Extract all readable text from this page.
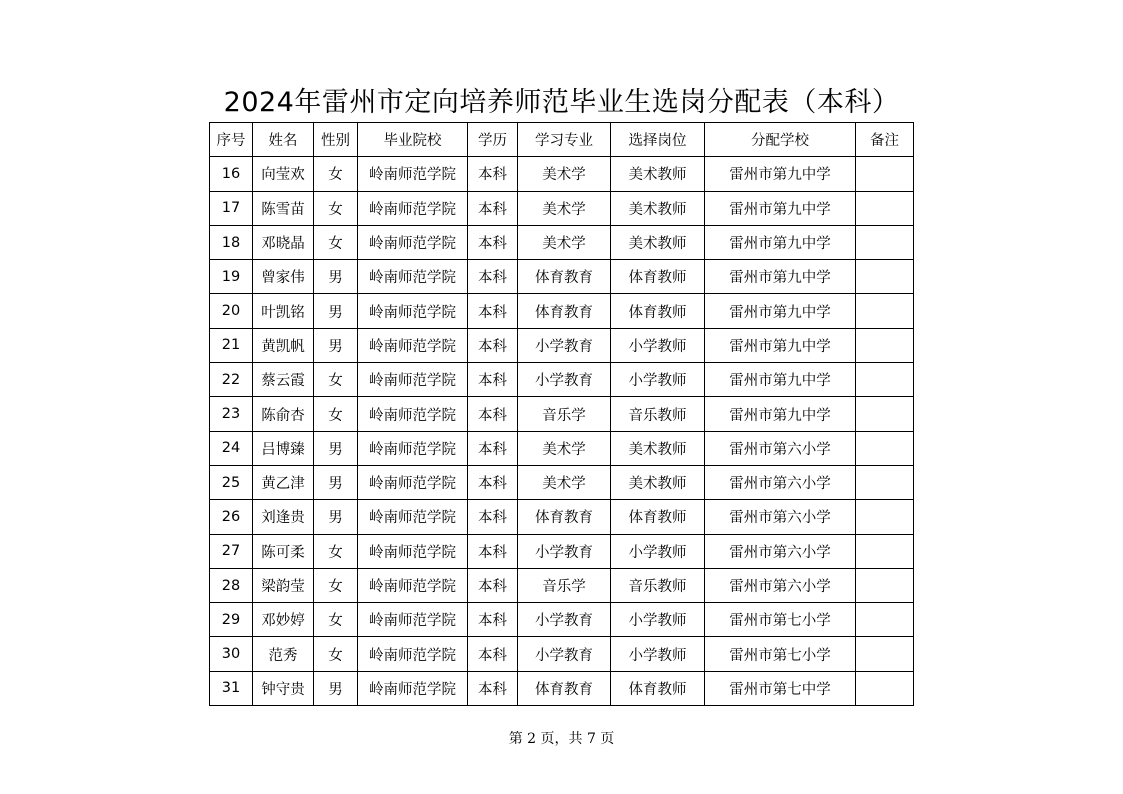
2024年雷州市定向培养师范毕业生选岗分配表（本科）
序号	姓名	性别	毕业院校	学历	学习专业	选择岗位	分配学校	备注
16	向莹欢	女	岭南师范学院	本科	美术学	美术教师	雷州市第九中学	
17	陈雪苗	女	岭南师范学院	本科	美术学	美术教师	雷州市第九中学	
18	邓晓晶	女	岭南师范学院	本科	美术学	美术教师	雷州市第九中学	
19	曾家伟	男	岭南师范学院	本科	体育教育	体育教师	雷州市第九中学	
20	叶凯铭	男	岭南师范学院	本科	体育教育	体育教师	雷州市第九中学	
21	黄凯帆	男	岭南师范学院	本科	小学教育	小学教师	雷州市第九中学	
22	蔡云霞	女	岭南师范学院	本科	小学教育	小学教师	雷州市第九中学	
23	陈俞杏	女	岭南师范学院	本科	音乐学	音乐教师	雷州市第九中学	
24	吕博臻	男	岭南师范学院	本科	美术学	美术教师	雷州市第六小学	
25	黄乙津	男	岭南师范学院	本科	美术学	美术教师	雷州市第六小学	
26	刘逢贵	男	岭南师范学院	本科	体育教育	体育教师	雷州市第六小学	
27	陈可柔	女	岭南师范学院	本科	小学教育	小学教师	雷州市第六小学	
28	梁韵莹	女	岭南师范学院	本科	音乐学	音乐教师	雷州市第六小学	
29	邓妙婷	女	岭南师范学院	本科	小学教育	小学教师	雷州市第七小学	
30	范秀	女	岭南师范学院	本科	小学教育	小学教师	雷州市第七小学	
31	钟守贵	男	岭南师范学院	本科	体育教育	体育教师	雷州市第七中学	
第 2 页，共 7 页
